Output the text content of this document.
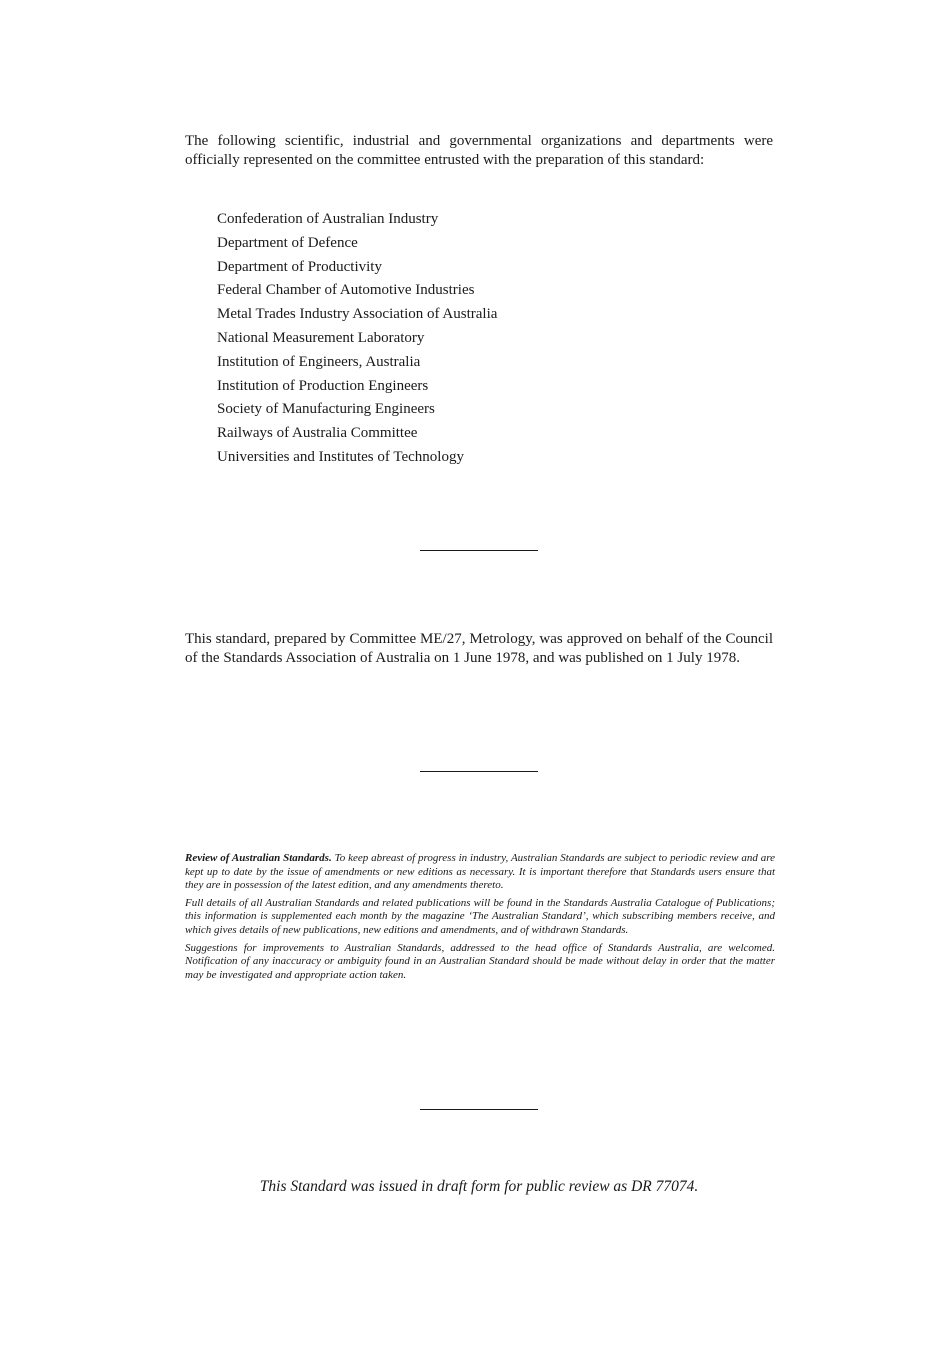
The following scientific, industrial and governmental organizations and departments were officially represented on the committee entrusted with the preparation of this standard:

Confederation of Australian Industry
Department of Defence
Department of Productivity
Federal Chamber of Automotive Industries
Metal Trades Industry Association of Australia
National Measurement Laboratory
Institution of Engineers, Australia
Institution of Production Engineers
Society of Manufacturing Engineers
Railways of Australia Committee
Universities and Institutes of Technology

This standard, prepared by Committee ME/27, Metrology, was approved on behalf of the Council of the Standards Association of Australia on 1 June 1978, and was published on 1 July 1978.

Review of Australian Standards. To keep abreast of progress in industry, Australian Standards are subject to periodic review and are kept up to date by the issue of amendments or new editions as necessary. It is important therefore that Standards users ensure that they are in possession of the latest edition, and any amendments thereto.

Full details of all Australian Standards and related publications will be found in the Standards Australia Catalogue of Publications; this information is supplemented each month by the magazine ‘The Australian Standard’, which subscribing members receive, and which gives details of new publications, new editions and amendments, and of withdrawn Standards.

Suggestions for improvements to Australian Standards, addressed to the head office of Standards Australia, are welcomed. Notification of any inaccuracy or ambiguity found in an Australian Standard should be made without delay in order that the matter may be investigated and appropriate action taken.

This Standard was issued in draft form for public review as DR 77074.
